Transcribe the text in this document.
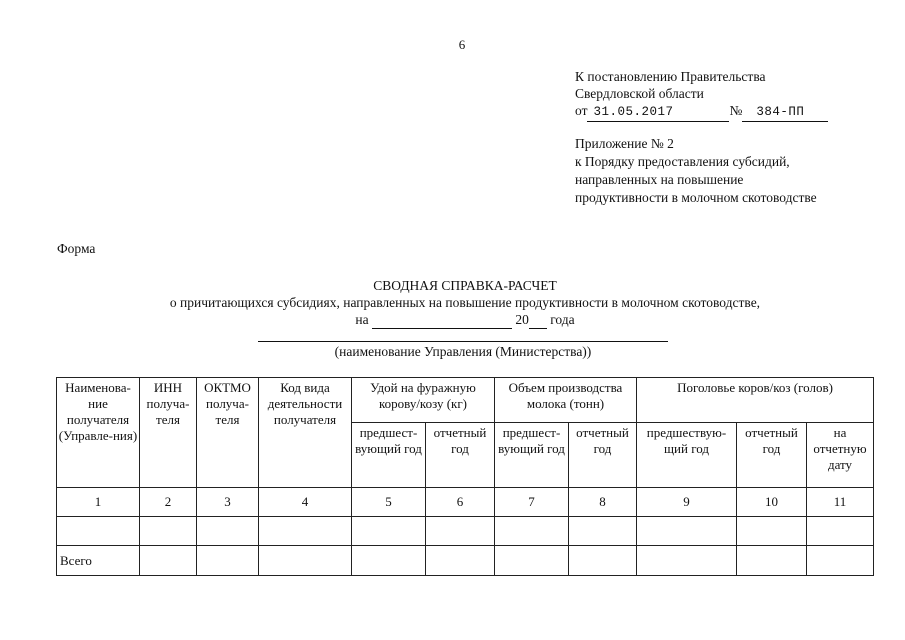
6
К постановлению Правительства
Свердловской области
от 31.05.2017	№ 384-ПП
Приложение № 2
к Порядку предоставления субсидий,
направленных на повышение
продуктивности в молочном скотоводстве
Форма
СВОДНАЯ СПРАВКА-РАСЧЕТ
о причитающихся субсидиях, направленных на повышение продуктивности в молочном скотоводстве,
на	20 года
(наименование Управления (Министерства))
Наименова-ние получателя (Управле-ния)	ИНН получа-теля	ОКТМО получа-теля	Код вида деятельности получателя	Удой на фуражную корову/козу (кг)		Объем производства молока (тонн)		Поголовье коров/коз (голов)		
				предшест-вующий год	отчетный год	предшест-вующий год	отчетный год	предшествую-щий год	отчетный год	на отчетную дату
1	2	3	4	5	6	7	8	9	10	11

Всего										
